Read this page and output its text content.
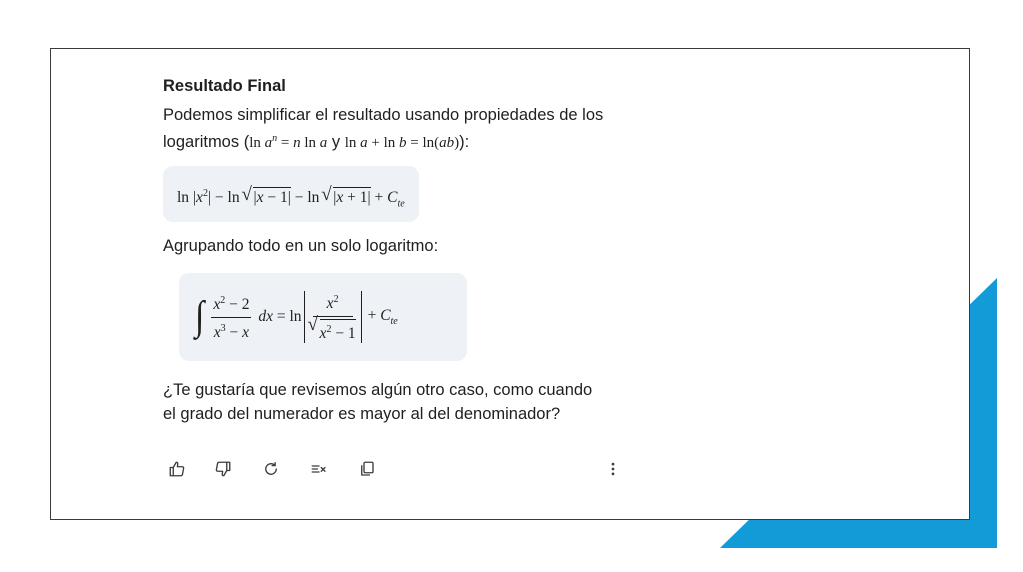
Resultado Final

Podemos simplificar el resultado usando propiedades de los
logaritmos (ln $a^n = n$ ln a y ln a + ln b = ln(ab)):

$\ln |x^2| - \ln$ √ |x − 1| − ln √ $|x + 1| + C_{te}$

Agrupando todo en un solo logaritmo:

∫ $\frac{x^2 - 2}{x^3 - x}$ dx = $\ln x^2$
√ $x^2 - 1 + C_{te}$

¿Te gustaría que revisemos algún otro caso, como cuando
el grado del numerador es mayor al del denominador?
